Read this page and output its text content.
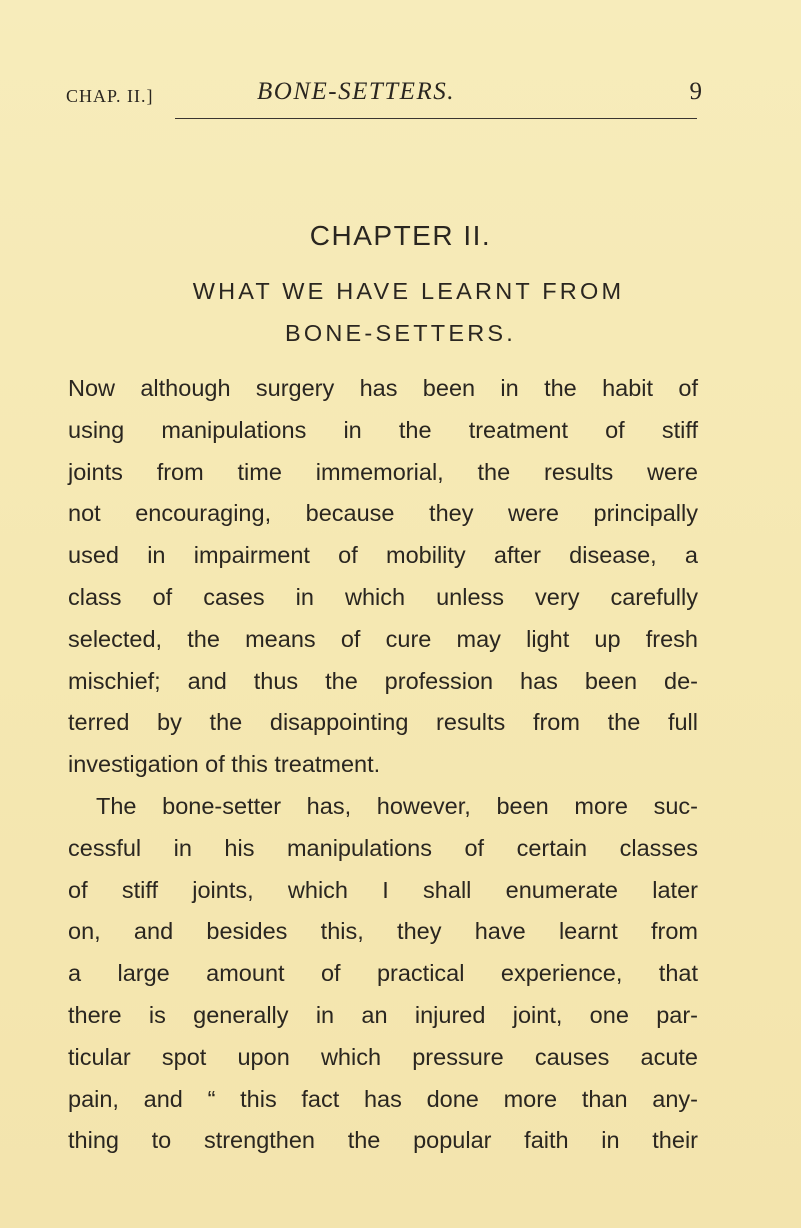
CHAP. II.]	BONE-SETTERS.	9
CHAPTER II.
WHAT WE HAVE LEARNT FROM
BONE-SETTERS.
Now although surgery has been in the habit of
using manipulations in the treatment of stiff
joints from time immemorial, the results were
not encouraging, because they were principally
used in impairment of mobility after disease, a
class of cases in which unless very carefully
selected, the means of cure may light up fresh
mischief; and thus the profession has been de-
terred by the disappointing results from the full
investigation of this treatment.
The bone-setter has, however, been more suc-
cessful in his manipulations of certain classes
of stiff joints, which I shall enumerate later
on, and besides this, they have learnt from
a large amount of practical experience, that
there is generally in an injured joint, one par-
ticular spot upon which pressure causes acute
pain, and “ this fact has done more than any-
thing to strengthen the popular faith in their
